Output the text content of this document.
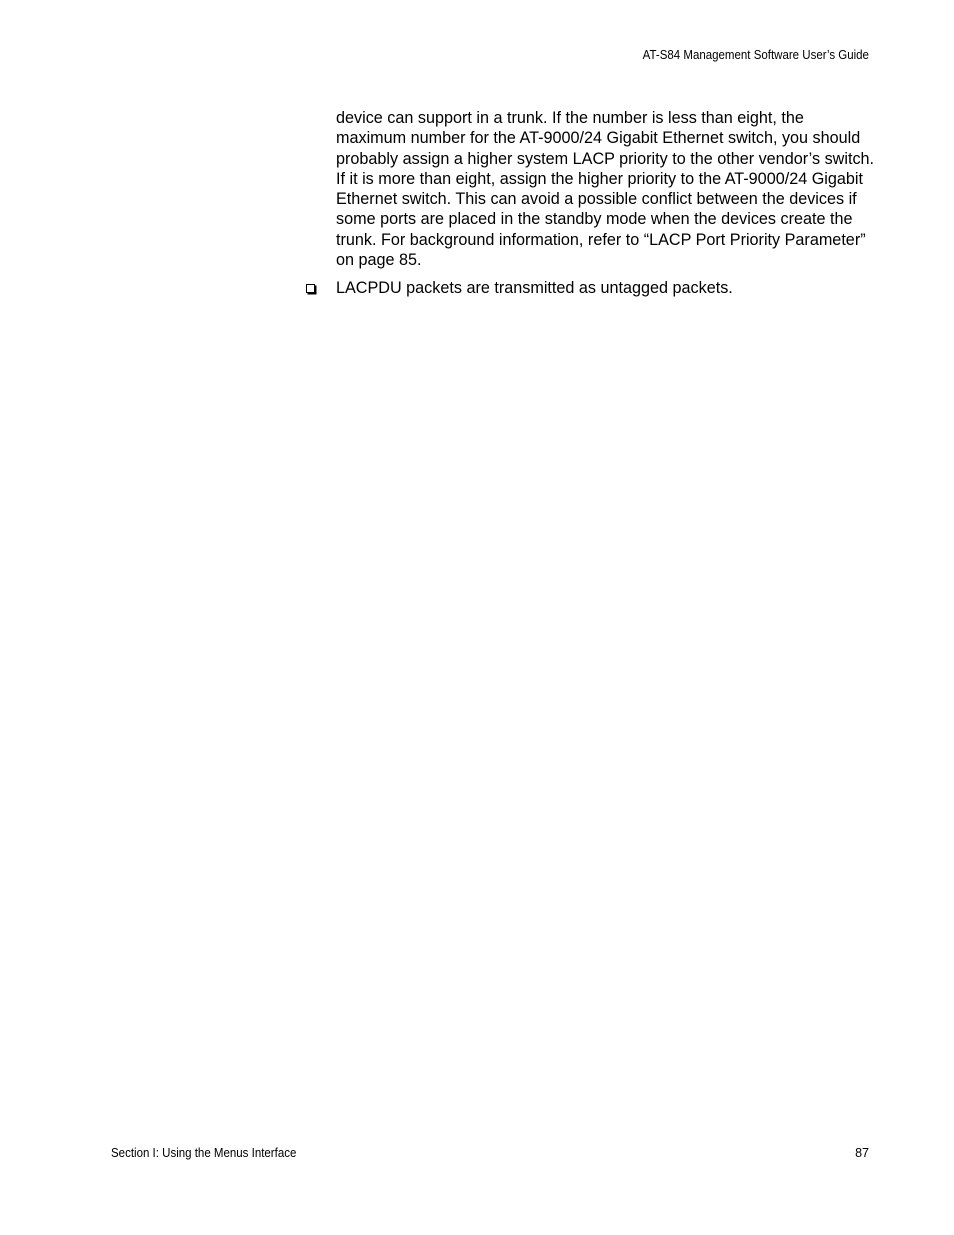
AT-S84 Management Software User’s Guide

device can support in a trunk. If the number is less than eight, the maximum number for the AT-9000/24 Gigabit Ethernet switch, you should probably assign a higher system LACP priority to the other vendor’s switch. If it is more than eight, assign the higher priority to the AT-9000/24 Gigabit Ethernet switch. This can avoid a possible conflict between the devices if some ports are placed in the standby mode when the devices create the trunk. For background information, refer to “LACP Port Priority Parameter” on page 85.

LACPDU packets are transmitted as untagged packets.
Section I: Using the Menus Interface	87
